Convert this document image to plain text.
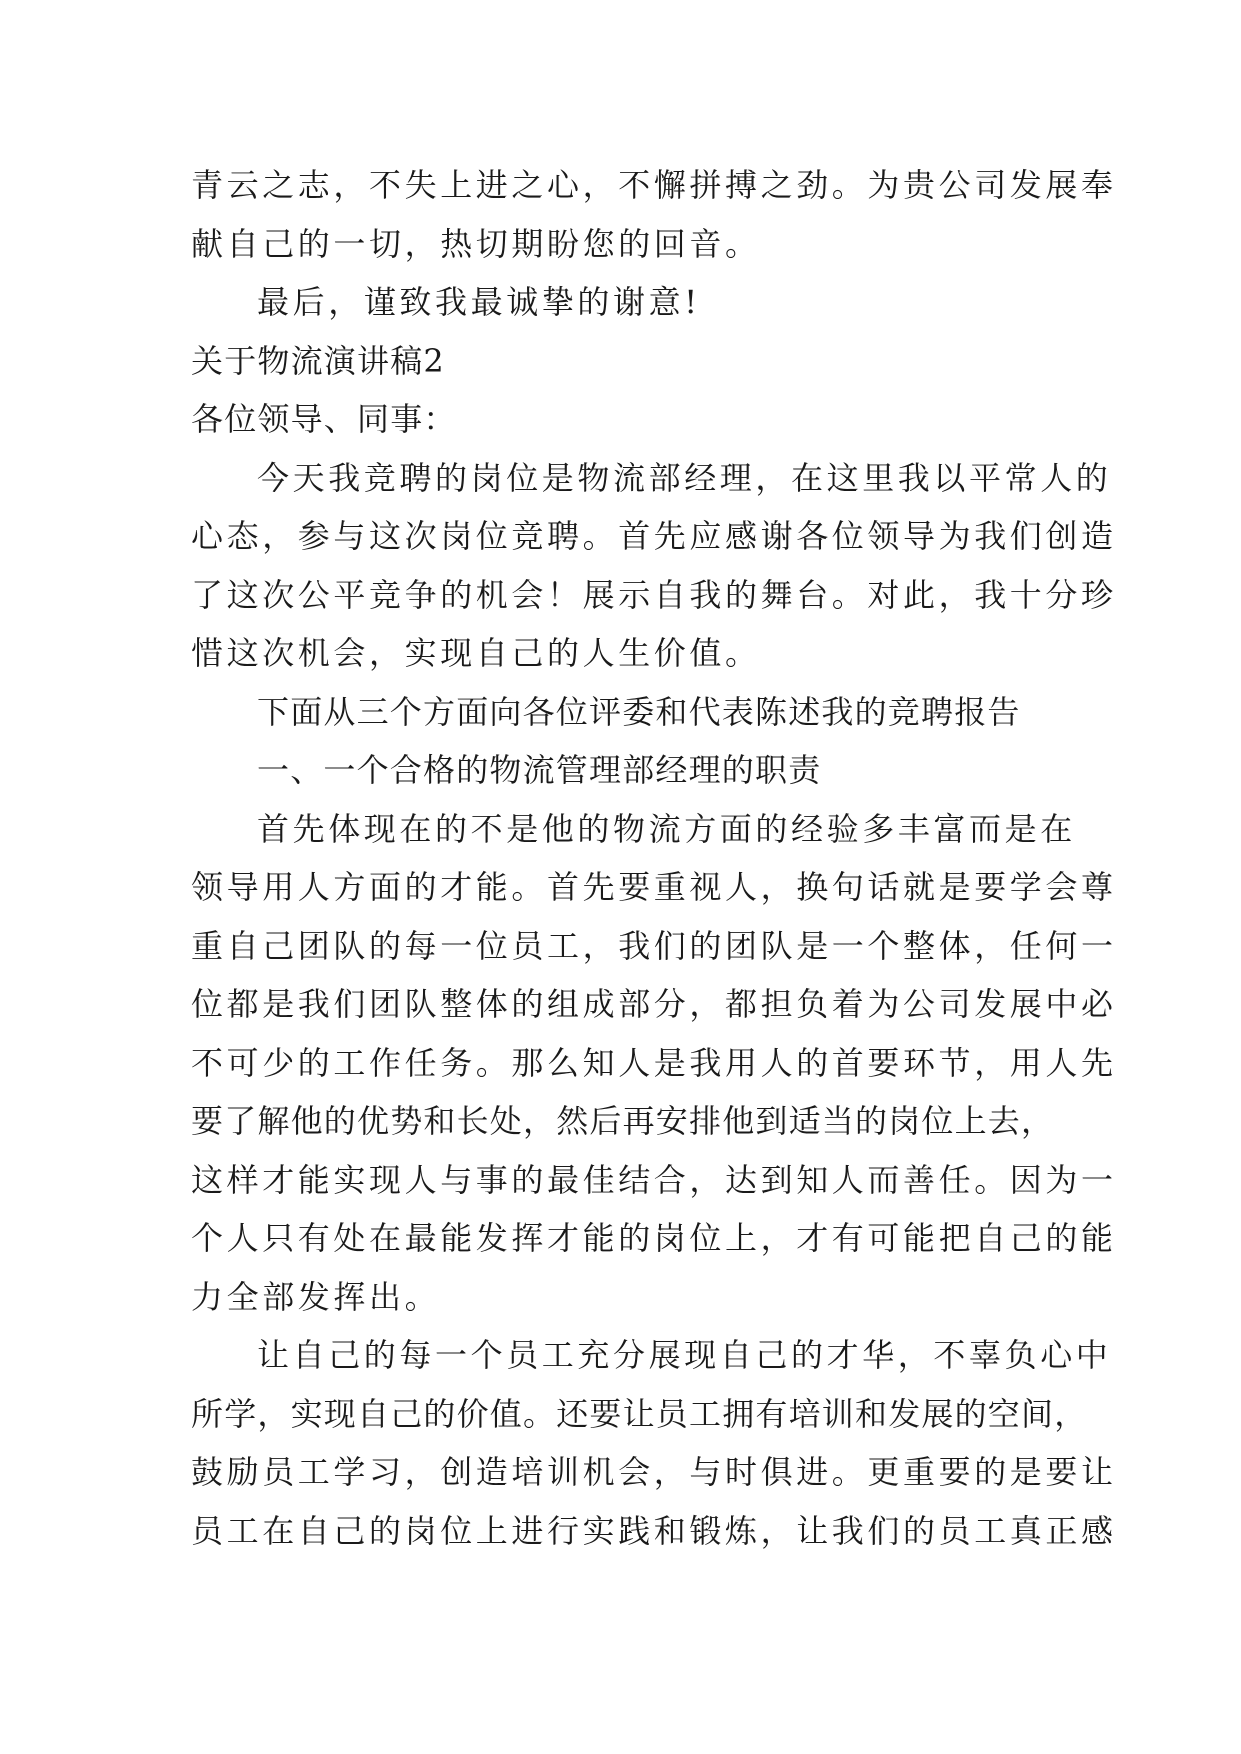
青云之志，不失上进之心，不懈拼搏之劲。为贵公司发展奉
献自己的一切，热切期盼您的回音。
最后，谨致我最诚挚的谢意!
关于物流演讲稿2
各位领导、同事：
今天我竞聘的岗位是物流部经理，在这里我以平常人的
心态，参与这次岗位竞聘。首先应感谢各位领导为我们创造
了这次公平竞争的机会！展示自我的舞台。对此，我十分珍
惜这次机会，实现自己的人生价值。
下面从三个方面向各位评委和代表陈述我的竞聘报告
一、一个合格的物流管理部经理的职责
首先体现在的不是他的物流方面的经验多丰富而是在
领导用人方面的才能。首先要重视人，换句话就是要学会尊
重自己团队的每一位员工，我们的团队是一个整体，任何一
位都是我们团队整体的组成部分，都担负着为公司发展中必
不可少的工作任务。那么知人是我用人的首要环节，用人先
要了解他的优势和长处，然后再安排他到适当的岗位上去，
这样才能实现人与事的最佳结合，达到知人而善任。因为一
个人只有处在最能发挥才能的岗位上，才有可能把自己的能
力全部发挥出。
让自己的每一个员工充分展现自己的才华，不辜负心中
所学，实现自己的价值。还要让员工拥有培训和发展的空间，
鼓励员工学习，创造培训机会，与时俱进。更重要的是要让
员工在自己的岗位上进行实践和锻炼，让我们的员工真正感
